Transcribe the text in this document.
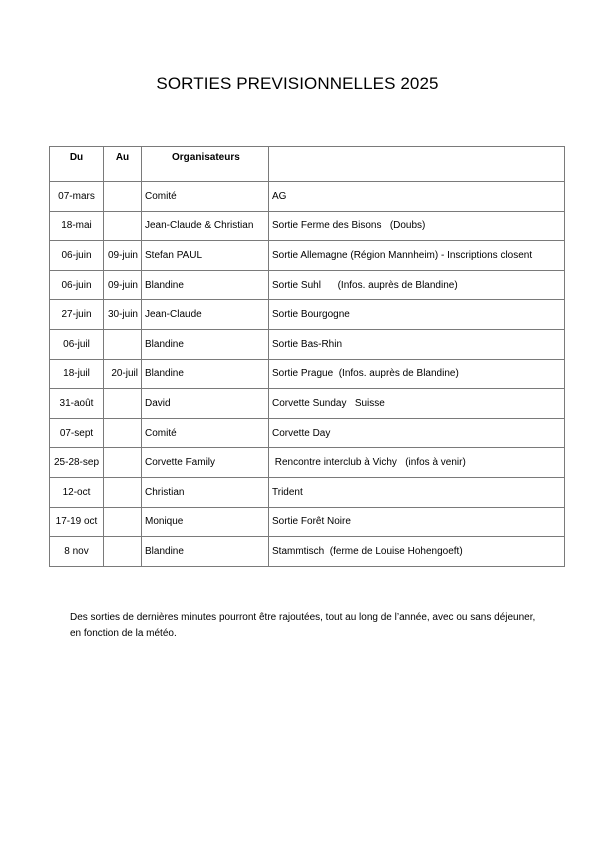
SORTIES PREVISIONNELLES 2025
Du	Au	Organisateurs	
07-mars		Comité	AG
18-mai		Jean-Claude & Christian	Sortie Ferme des Bisons   (Doubs)
06-juin	09-juin	Stefan PAUL	Sortie Allemagne (Région Mannheim) - Inscriptions closent
06-juin	09-juin	Blandine	Sortie Suhl      (Infos. auprès de Blandine)
27-juin	30-juin	Jean-Claude	Sortie Bourgogne
06-juil		Blandine	Sortie Bas-Rhin
18-juil	20-juil	Blandine	Sortie Prague  (Infos. auprès de Blandine)
31-août		David	Corvette Sunday   Suisse
07-sept		Comité	Corvette Day
25-28-sep		Corvette Family	Rencontre interclub à Vichy   (infos à venir)
12-oct		Christian	Trident
17-19 oct		Monique	Sortie Forêt Noire
8 nov		Blandine	Stammtisch  (ferme de Louise Hohengoeft)
Des sorties de dernières minutes pourront être rajoutées, tout au long de l’année, avec ou sans déjeuner, en fonction de la météo.
